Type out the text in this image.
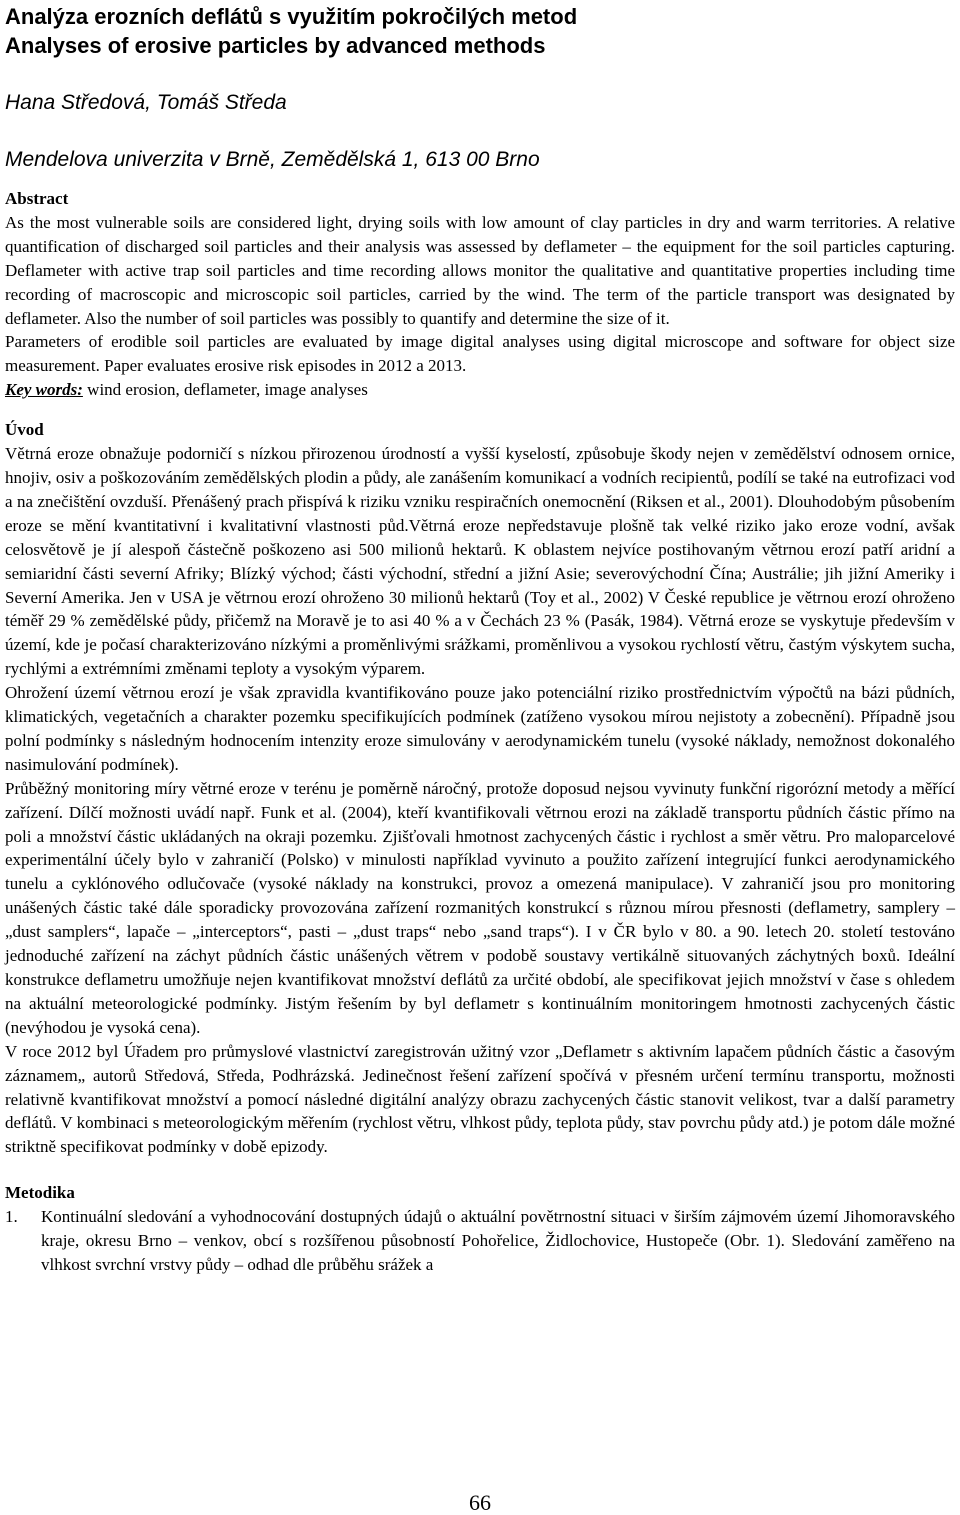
Analýza erozních deflátů s využitím pokročilých metod
Analyses of erosive particles by advanced methods

Hana Středová, Tomáš Středa

Mendelova univerzita v Brně, Zemědělská 1, 613 00 Brno

Abstract

As the most vulnerable soils are considered light, drying soils with low amount of clay particles in dry and warm territories. A relative quantification of discharged soil particles and their analysis was assessed by deflameter – the equipment for the soil particles capturing. Deflameter with active trap soil particles and time recording allows monitor the qualitative and quantitative properties including time recording of macroscopic and microscopic soil particles, carried by the wind. The term of the particle transport was designated by deflameter. Also the number of soil particles was possibly to quantify and determine the size of it.

Parameters of erodible soil particles are evaluated by image digital analyses using digital microscope and software for object size measurement. Paper evaluates erosive risk episodes in 2012 a 2013.

Key words: wind erosion, deflameter, image analyses

Úvod

Větrná eroze obnažuje podorničí s nízkou přirozenou úrodností a vyšší kyselostí, způsobuje škody nejen v zemědělství odnosem ornice, hnojiv, osiv a poškozováním zemědělských plodin a půdy, ale zanášením komunikací a vodních recipientů, podílí se také na eutrofizaci vod a na znečištění ovzduší. Přenášený prach přispívá k riziku vzniku respiračních onemocnění (Riksen et al., 2001). Dlouhodobým působením eroze se mění kvantitativní i kvalitativní vlastnosti půd.Větrná eroze nepředstavuje plošně tak velké riziko jako eroze vodní, avšak celosvětově je jí alespoň částečně poškozeno asi 500 milionů hektarů. K oblastem nejvíce postihovaným větrnou erozí patří aridní a semiaridní části severní Afriky; Blízký východ; části východní, střední a jižní Asie; severovýchodní Čína; Austrálie; jih jižní Ameriky i Severní Amerika. Jen v USA je větrnou erozí ohroženo 30 milionů hektarů (Toy et al., 2002) V České republice je větrnou erozí ohroženo téměř 29 % zemědělské půdy, přičemž na Moravě je to asi 40 % a v Čechách 23 % (Pasák, 1984). Větrná eroze se vyskytuje především v území, kde je počasí charakterizováno nízkými a proměnlivými srážkami, proměnlivou a vysokou rychlostí větru, častým výskytem sucha, rychlými a extrémními změnami teploty a vysokým výparem.

Ohrožení území větrnou erozí je však zpravidla kvantifikováno pouze jako potenciální riziko prostřednictvím výpočtů na bázi půdních, klimatických, vegetačních a charakter pozemku specifikujících podmínek (zatíženo vysokou mírou nejistoty a zobecnění). Případně jsou polní podmínky s následným hodnocením intenzity eroze simulovány v aerodynamickém tunelu (vysoké náklady, nemožnost dokonalého nasimulování podmínek).

Průběžný monitoring míry větrné eroze v terénu je poměrně náročný, protože doposud nejsou vyvinuty funkční rigorózní metody a měřící zařízení. Dílčí možnosti uvádí např. Funk et al. (2004), kteří kvantifikovali větrnou erozi na základě transportu půdních částic přímo na poli a množství částic ukládaných na okraji pozemku. Zjišťovali hmotnost zachycených částic i rychlost a směr větru. Pro maloparcelové experimentální účely bylo v zahraničí (Polsko) v minulosti například vyvinuto a použito zařízení integrující funkci aerodynamického tunelu a cyklónového odlučovače (vysoké náklady na konstrukci, provoz a omezená manipulace). V zahraničí jsou pro monitoring unášených částic také dále sporadicky provozována zařízení rozmanitých konstrukcí s různou mírou přesnosti (deflametry, samplery – „dust samplers“, lapače – „interceptors“, pasti – „dust traps“ nebo „sand traps“). I v ČR bylo v 80. a 90. letech 20. století testováno jednoduché zařízení na záchyt půdních částic unášených větrem v podobě soustavy vertikálně situovaných záchytných boxů. Ideální konstrukce deflametru umožňuje nejen kvantifikovat množství deflátů za určité období, ale specifikovat jejich množství v čase s ohledem na aktuální meteorologické podmínky. Jistým řešením by byl deflametr s kontinuálním monitoringem hmotnosti zachycených částic (nevýhodou je vysoká cena).

V roce 2012 byl Úřadem pro průmyslové vlastnictví zaregistrován užitný vzor „Deflametr s aktivním lapačem půdních částic a časovým záznamem„ autorů Středová, Středa, Podhrázská. Jedinečnost řešení zařízení spočívá v přesném určení termínu transportu, možnosti relativně kvantifikovat množství a pomocí následné digitální analýzy obrazu zachycených částic stanovit velikost, tvar a další parametry deflátů. V kombinaci s meteorologickým měřením (rychlost větru, vlhkost půdy, teplota půdy, stav povrchu půdy atd.) je potom dále možné striktně specifikovat podmínky v době epizody.

Metodika
1. Kontinuální sledování a vyhodnocování dostupných údajů o aktuální povětrnostní situaci v širším zájmovém území Jihomoravského kraje, okresu Brno – venkov, obcí s rozšířenou působností Pohořelice, Židlochovice, Hustopeče (Obr. 1). Sledování zaměřeno na vlhkost svrchní vrstvy půdy – odhad dle průběhu srážek a
66
